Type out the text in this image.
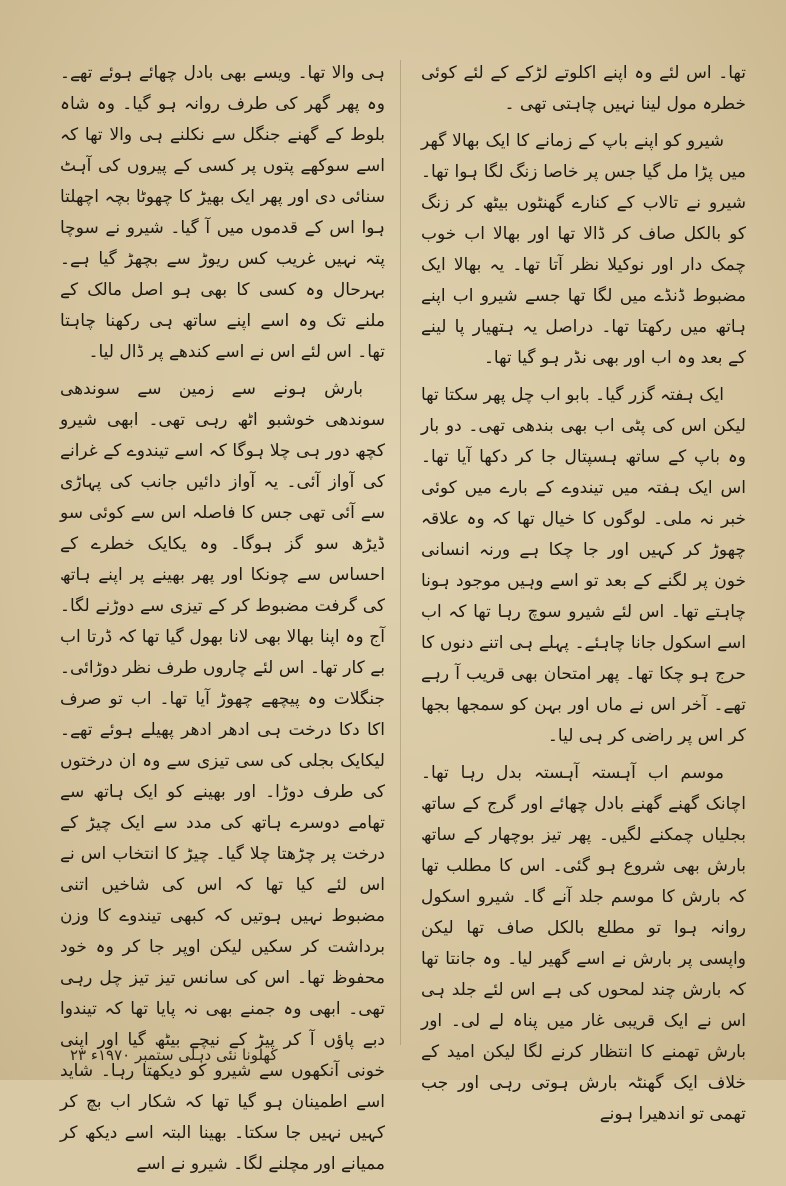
تھا۔ اس لئے وہ اپنے اکلوتے لڑکے کے لئے کوئی خطرہ مول لینا نہیں چاہتی تھی ۔

شیرو کو اپنے باپ کے زمانے کا ایک بھالا گھر میں پڑا مل گیا جس پر خاصا زنگ لگا ہوا تھا۔ شیرو نے تالاب کے کنارے گھنٹوں بیٹھ کر زنگ کو بالکل صاف کر ڈالا تھا اور بھالا اب خوب چمک دار اور نوکیلا نظر آتا تھا۔ یہ بھالا ایک مضبوط ڈنڈے میں لگا تھا جسے شیرو اب اپنے ہاتھ میں رکھتا تھا۔ دراصل یہ ہتھیار پا لینے کے بعد وہ اب اور بھی نڈر ہو گیا تھا۔

ایک ہفتہ گزر گیا۔ بابو اب چل پھر سکتا تھا لیکن اس کی پٹی اب بھی بندھی تھی۔ دو بار وہ باپ کے ساتھ ہسپتال جا کر دکھا آیا تھا۔ اس ایک ہفتہ میں تیندوے کے بارے میں کوئی خبر نہ ملی۔ لوگوں کا خیال تھا کہ وہ علاقہ چھوڑ کر کہیں اور جا چکا ہے ورنہ انسانی خون پر لگنے کے بعد تو اسے وہیں موجود ہونا چاہتے تھا۔ اس لئے شیرو سوچ رہا تھا کہ اب اسے اسکول جانا چاہئے۔ پہلے ہی اتنے دنوں کا حرج ہو چکا تھا۔ پھر امتحان بھی قریب آ رہے تھے۔ آخر اس نے ماں اور بہن کو سمجھا بجھا کر اس پر راضی کر ہی لیا۔

موسم اب آہستہ آہستہ بدل رہا تھا۔ اچانک گھنے گھنے بادل چھائے اور گرج کے ساتھ بجلیاں چمکنے لگیں۔ پھر تیز بوچھار کے ساتھ بارش بھی شروع ہو گئی۔ اس کا مطلب تھا کہ بارش کا موسم جلد آنے گا۔ شیرو اسکول روانہ ہوا تو مطلع بالکل صاف تھا لیکن واپسی پر بارش نے اسے گھیر لیا۔ وہ جانتا تھا کہ بارش چند لمحوں کی ہے اس لئے جلد ہی اس نے ایک قریبی غار میں پناہ لے لی۔ اور بارش تھمنے کا انتظار کرنے لگا لیکن امید کے خلاف ایک گھنٹہ بارش ہوتی رہی اور جب تھمی تو اندھیرا ہونے

ہی والا تھا۔ ویسے بھی بادل چھائے ہوئے تھے۔ وہ پھر گھر کی طرف روانہ ہو گیا۔ وہ شاہ بلوط کے گھنے جنگل سے نکلنے ہی والا تھا کہ اسے سوکھے پتوں پر کسی کے پیروں کی آہٹ سنائی دی اور پھر ایک بھیڑ کا چھوٹا بچہ اچھلتا ہوا اس کے قدموں میں آ گیا۔ شیرو نے سوچا پتہ نہیں غریب کس ریوڑ سے بچھڑ گیا ہے۔ بہرحال وہ کسی کا بھی ہو اصل مالک کے ملنے تک وہ اسے اپنے ساتھ ہی رکھنا چاہتا تھا۔ اس لئے اس نے اسے کندھے پر ڈال لیا۔

بارش ہونے سے زمین سے سوندھی سوندھی خوشبو اٹھ رہی تھی۔ ابھی شیرو کچھ دور ہی چلا ہوگا کہ اسے تیندوے کے غرانے کی آواز آئی۔ یہ آواز دائیں جانب کی پہاڑی سے آئی تھی جس کا فاصلہ اس سے کوئی سو ڈیڑھ سو گز ہوگا۔ وہ یکایک خطرے کے احساس سے چونکا اور پھر بھینے پر اپنے ہاتھ کی گرفت مضبوط کر کے تیزی سے دوڑنے لگا۔ آج وہ اپنا بھالا بھی لانا بھول گیا تھا کہ ڈرتا اب بے کار تھا۔ اس لئے چاروں طرف نظر دوڑائی۔ جنگلات وہ پیچھے چھوڑ آیا تھا۔ اب تو صرف اکا دکا درخت ہی ادھر ادھر پھیلے ہوئے تھے۔ لیکایک بجلی کی سی تیزی سے وہ ان درختوں کی طرف دوڑا۔ اور بھینے کو ایک ہاتھ سے تھامے دوسرے ہاتھ کی مدد سے ایک چیڑ کے درخت پر چڑھتا چلا گیا۔ چیڑ کا انتخاب اس نے اس لئے کیا تھا کہ اس کی شاخیں اتنی مضبوط نہیں ہوتیں کہ کبھی تیندوے کا وزن برداشت کر سکیں لیکن اوپر جا کر وہ خود محفوظ تھا۔ اس کی سانس تیز تیز چل رہی تھی۔ ابھی وہ جمنے بھی نہ پایا تھا کہ تیندوا دبے پاؤں آ کر پیڑ کے نیچے بیٹھ گیا اور اپنی خونی آنکھوں سے شیرو کو دیکھتا رہا۔ شاید اسے اطمینان ہو گیا تھا کہ شکار اب بچ کر کہیں نہیں جا سکتا۔ بھینا البتہ اسے دیکھ کر ممیانے اور مچلنے لگا۔ شیرو نے اسے

کھلونا نئی دہلی ستمبر ۱۹۷۰ء ۲۳
